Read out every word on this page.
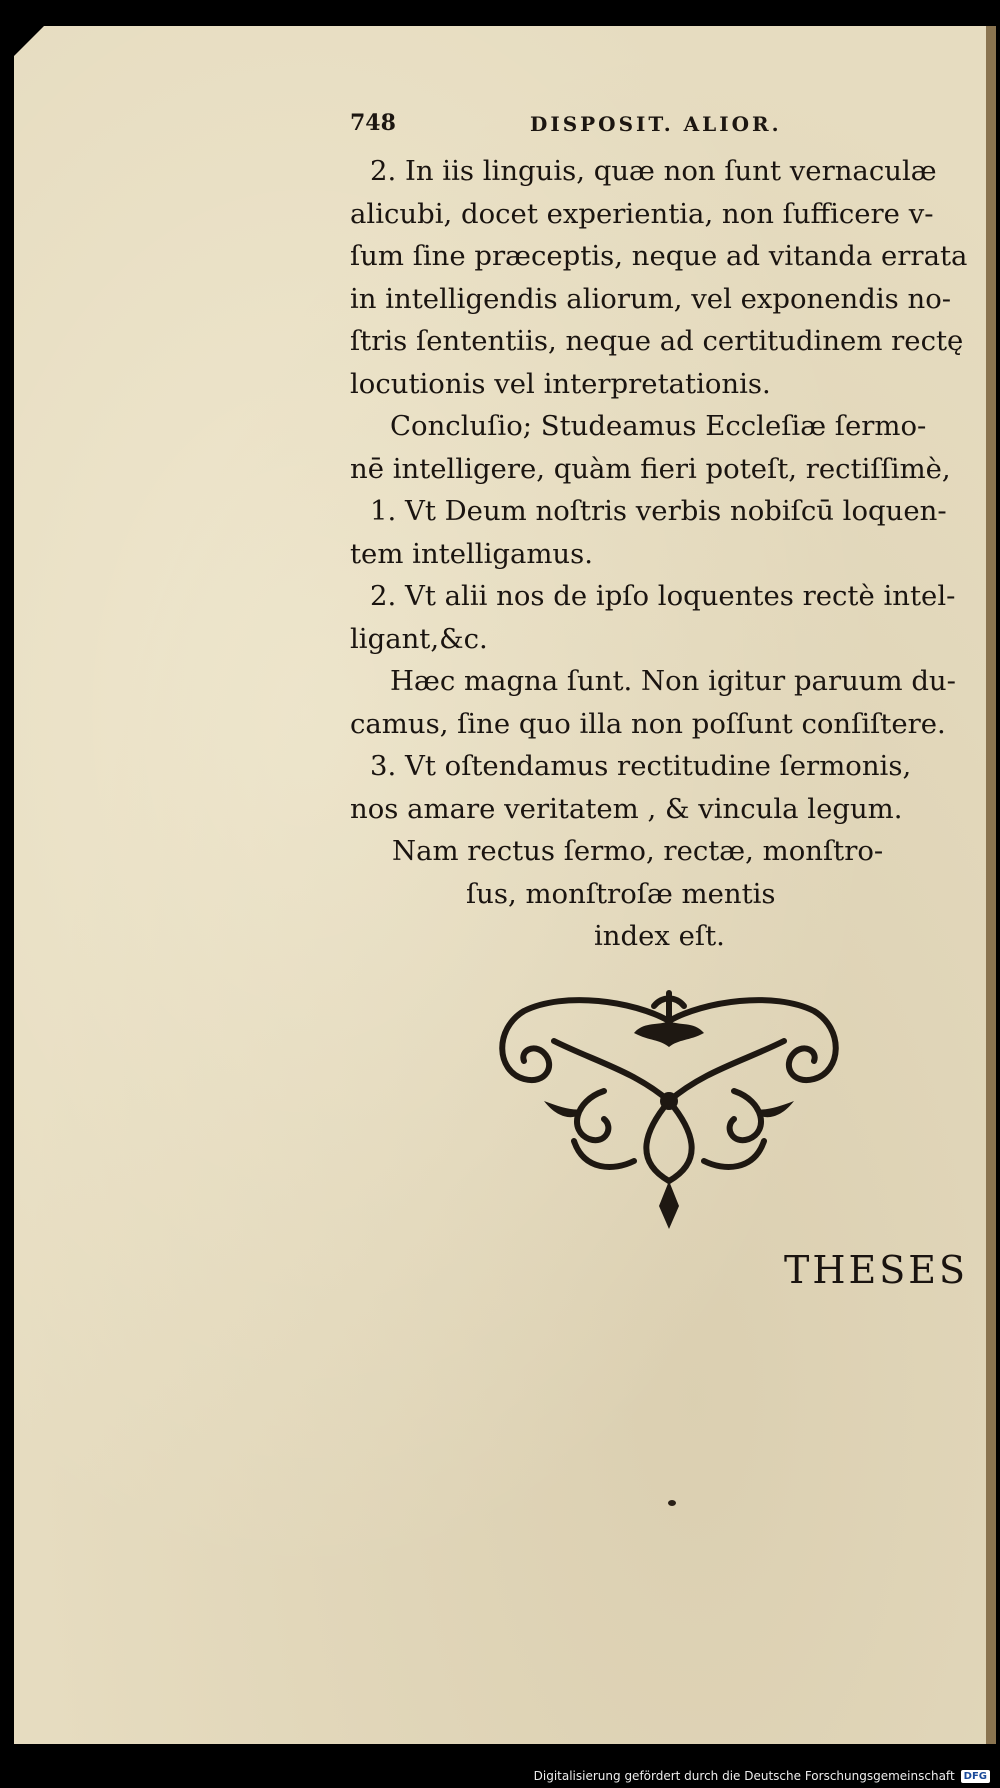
748	DISPOSIT. ALIOR.
2. In iis linguis, quæ non ſunt vernaculæ
alicubi, docet experientia, non ſufficere v-
ſum ſine præceptis, neque ad vitanda errata
in intelligendis aliorum, vel exponendis no-
ſtris ſententiis, neque ad certitudinem rectę
locutionis vel interpretationis.
Concluſio; Studeamus Eccleſiæ ſermo-
nē intelligere, quàm fieri poteſt, rectiſſimè,
1. Vt Deum noſtris verbis nobiſcū loquen-
tem intelligamus.
2. Vt alii nos de ipſo loquentes rectè intel-
ligant,&c.
Hæc magna ſunt. Non igitur paruum du-
camus, ſine quo illa non poſſunt conſiſtere.
3. Vt oſtendamus rectitudine ſermonis,
nos amare veritatem , & vincula legum.
Nam rectus ſermo, rectæ, monſtro-
ſus, monſtroſæ mentis
index eſt.
THESES
Digitalisierung gefördert durch die Deutsche Forschungsgemeinschaft DFG
